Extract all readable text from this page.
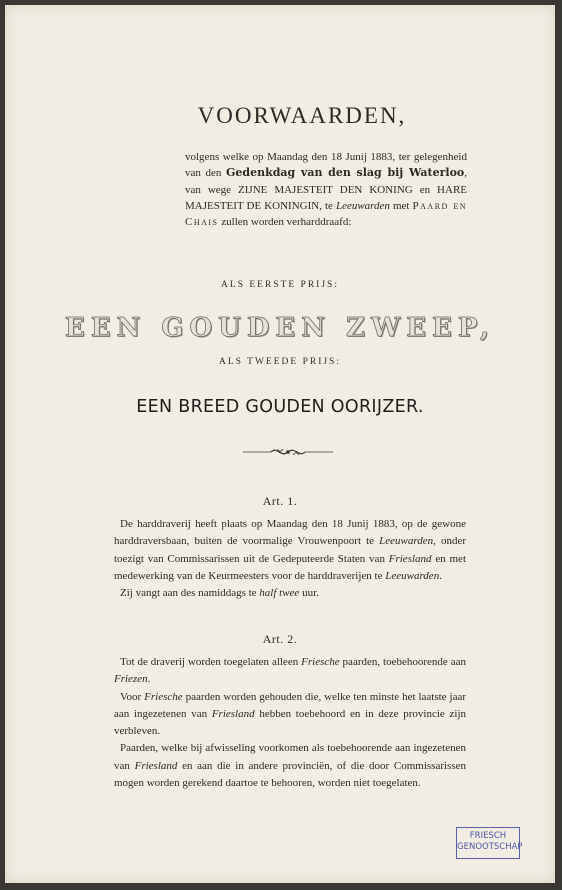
VOORWAARDEN,

volgens welke op Maandag den 18 Junij 1883, ter gelegenheid van den Gedenkdag van den slag bij Waterloo, van wege ZIJNE MAJESTEIT DEN KONING en HARE MAJESTEIT DE KONINGIN, te Leeuwarden met Paard en Chais zullen worden verharddraafd:

ALS EERSTE PRIJS:
EEN GOUDEN ZWEEP,
ALS TWEEDE PRIJS:
EEN BREED GOUDEN OORIJZER.
Art. 1.

De harddraverij heeft plaats op Maandag den 18 Junij 1883, op de gewone harddraversbaan, buiten de voormalige Vrouwenpoort te Leeuwarden, onder toezigt van Commissarissen uit de Gedeputeerde Staten van Friesland en met medewerking van de Keurmeesters voor de harddraverijen te Leeuwarden.

Zij vangt aan des namiddags te half twee uur.

Art. 2.

Tot de draverij worden toegelaten alleen Friesche paarden, toebehoorende aan Friezen.

Voor Friesche paarden worden gehouden die, welke ten minste het laatste jaar aan ingezetenen van Friesland hebben toebehoord en in deze provincie zijn verbleven.

Paarden, welke bij afwisseling voorkomen als toebehoorende aan ingezetenen van Friesland en aan die in andere provinciën, of die door Commissarissen mogen worden gerekend daartoe te behooren, worden niet toegelaten.

FRIESCH
GENOOTSCHAP
